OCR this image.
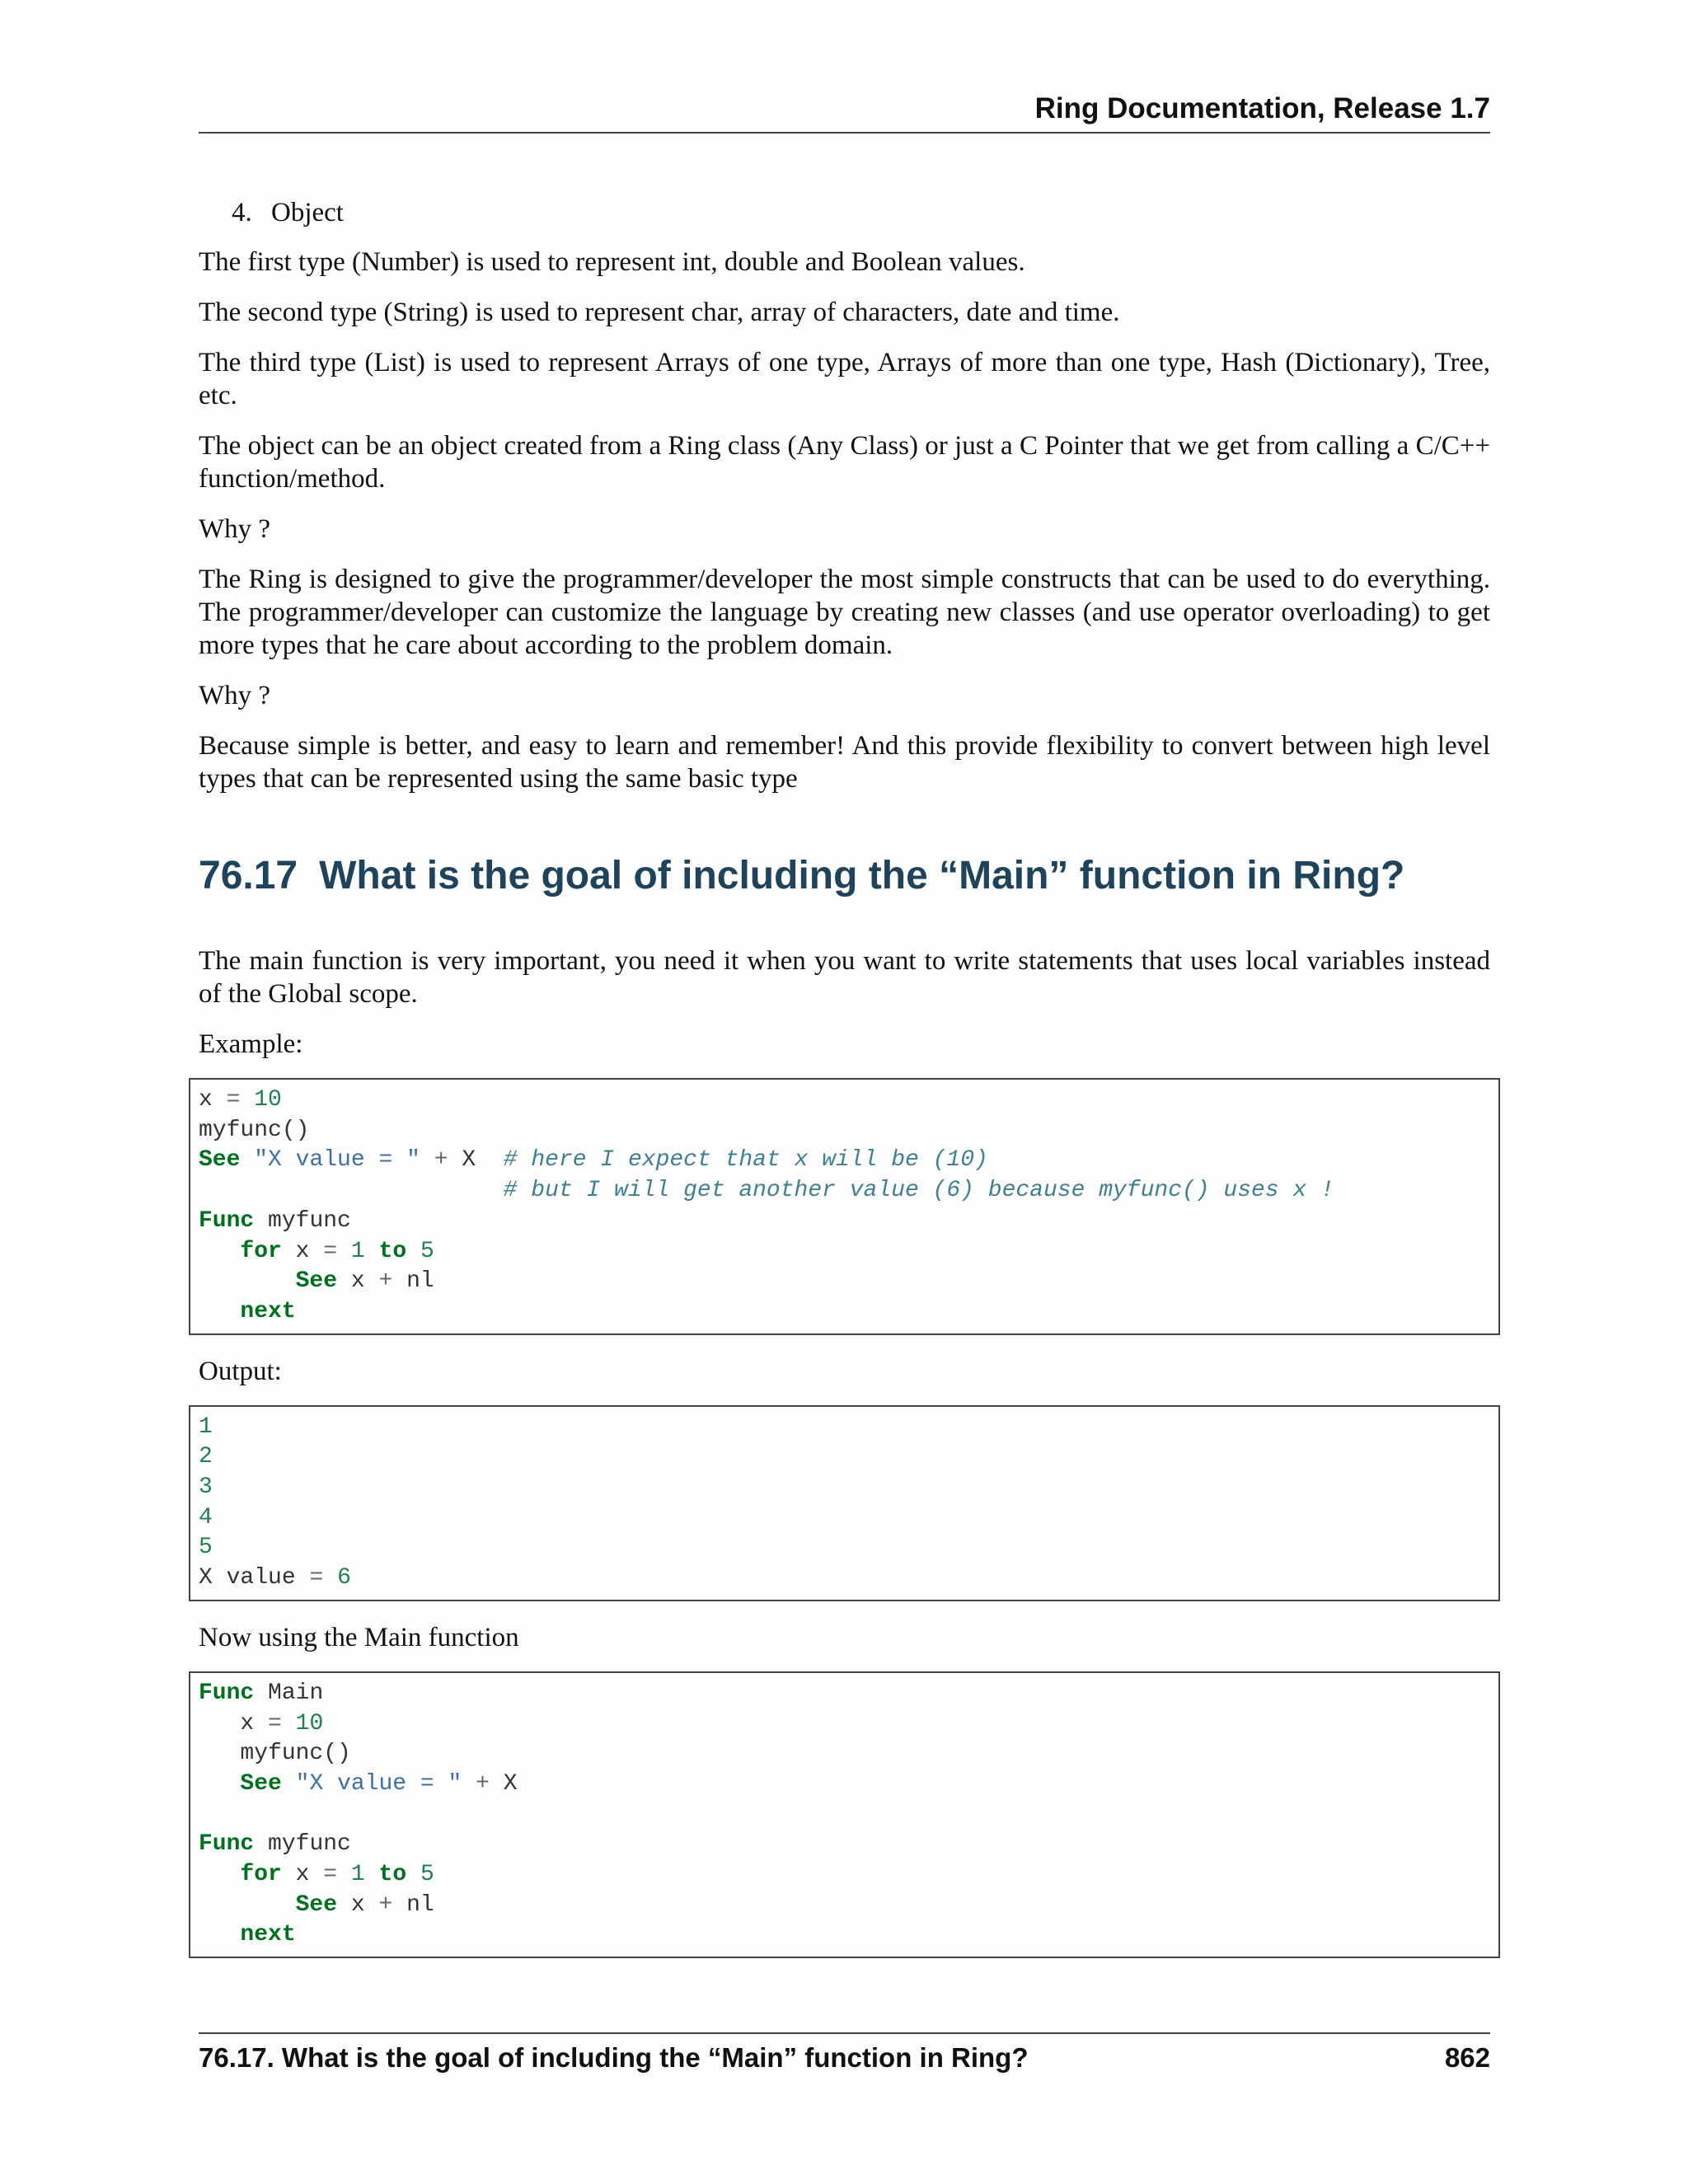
Ring Documentation, Release 1.7
4. Object

The first type (Number) is used to represent int, double and Boolean values.

The second type (String) is used to represent char, array of characters, date and time.

The third type (List) is used to represent Arrays of one type, Arrays of more than one type, Hash (Dictionary), Tree, etc.

The object can be an object created from a Ring class (Any Class) or just a C Pointer that we get from calling a C/C++ function/method.

Why ?

The Ring is designed to give the programmer/developer the most simple constructs that can be used to do everything. The programmer/developer can customize the language by creating new classes (and use operator overloading) to get more types that he care about according to the problem domain.

Why ?

Because simple is better, and easy to learn and remember! And this provide flexibility to convert between high level types that can be represented using the same basic type

76.17 What is the goal of including the “Main” function in Ring?

The main function is very important, you need it when you want to write statements that uses local variables instead of the Global scope.

Example:

x = 10
myfunc()
See "X value = " + X # here I expect that x will be (10)
# but I will get another value (6) because myfunc() uses x !
Func myfunc
for x = 1 to 5
See x + nl
next

Output:

1
2
3
4
5
X value = 6

Now using the Main function

Func Main
x = 10
myfunc()
See "X value = " + X

Func myfunc
for x = 1 to 5
See x + nl
next
76.17. What is the goal of including the “Main” function in Ring?	862
